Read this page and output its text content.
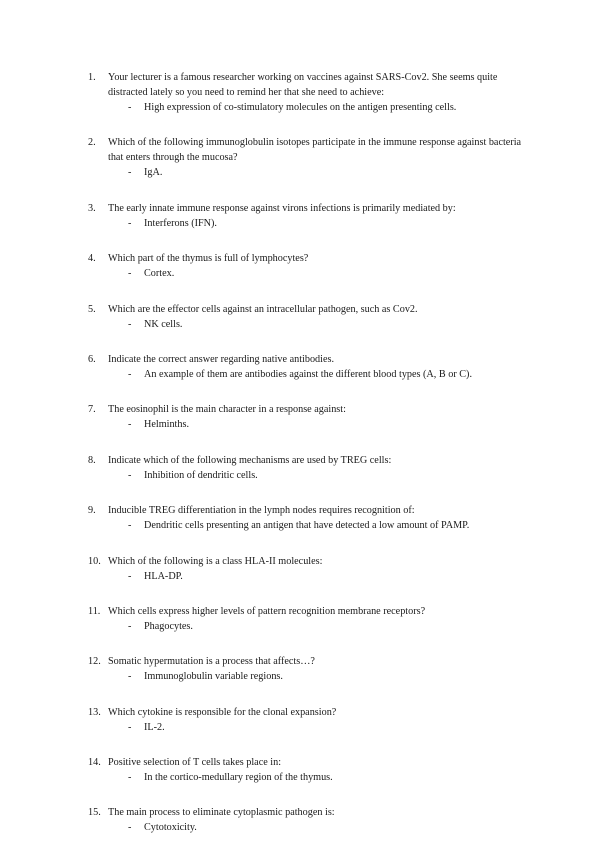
1. Your lecturer is a famous researcher working on vaccines against SARS-Cov2. She seems quite distracted lately so you need to remind her that she need to achieve:
- High expression of co-stimulatory molecules on the antigen presenting cells.
2. Which of the following immunoglobulin isotopes participate in the immune response against bacteria that enters through the mucosa?
- IgA.
3. The early innate immune response against virons infections is primarily mediated by:
- Interferons (IFN).
4. Which part of the thymus is full of lymphocytes?
- Cortex.
5. Which are the effector cells against an intracellular pathogen, such as Cov2.
- NK cells.
6. Indicate the correct answer regarding native antibodies.
- An example of them are antibodies against the different blood types (A, B or C).
7. The eosinophil is the main character in a response against:
- Helminths.
8. Indicate which of the following mechanisms are used by TREG cells:
- Inhibition of dendritic cells.
9. Inducible TREG differentiation in the lymph nodes requires recognition of:
- Dendritic cells presenting an antigen that have detected a low amount of PAMP.
10. Which of the following is a class HLA-II molecules:
- HLA-DP.
11. Which cells express higher levels of pattern recognition membrane receptors?
- Phagocytes.
12. Somatic hypermutation is a process that affects…?
- Immunoglobulin variable regions.
13. Which cytokine is responsible for the clonal expansion?
- IL-2.
14. Positive selection of T cells takes place in:
- In the cortico-medullary region of the thymus.
15. The main process to eliminate cytoplasmic pathogen is:
- Cytotoxicity.
